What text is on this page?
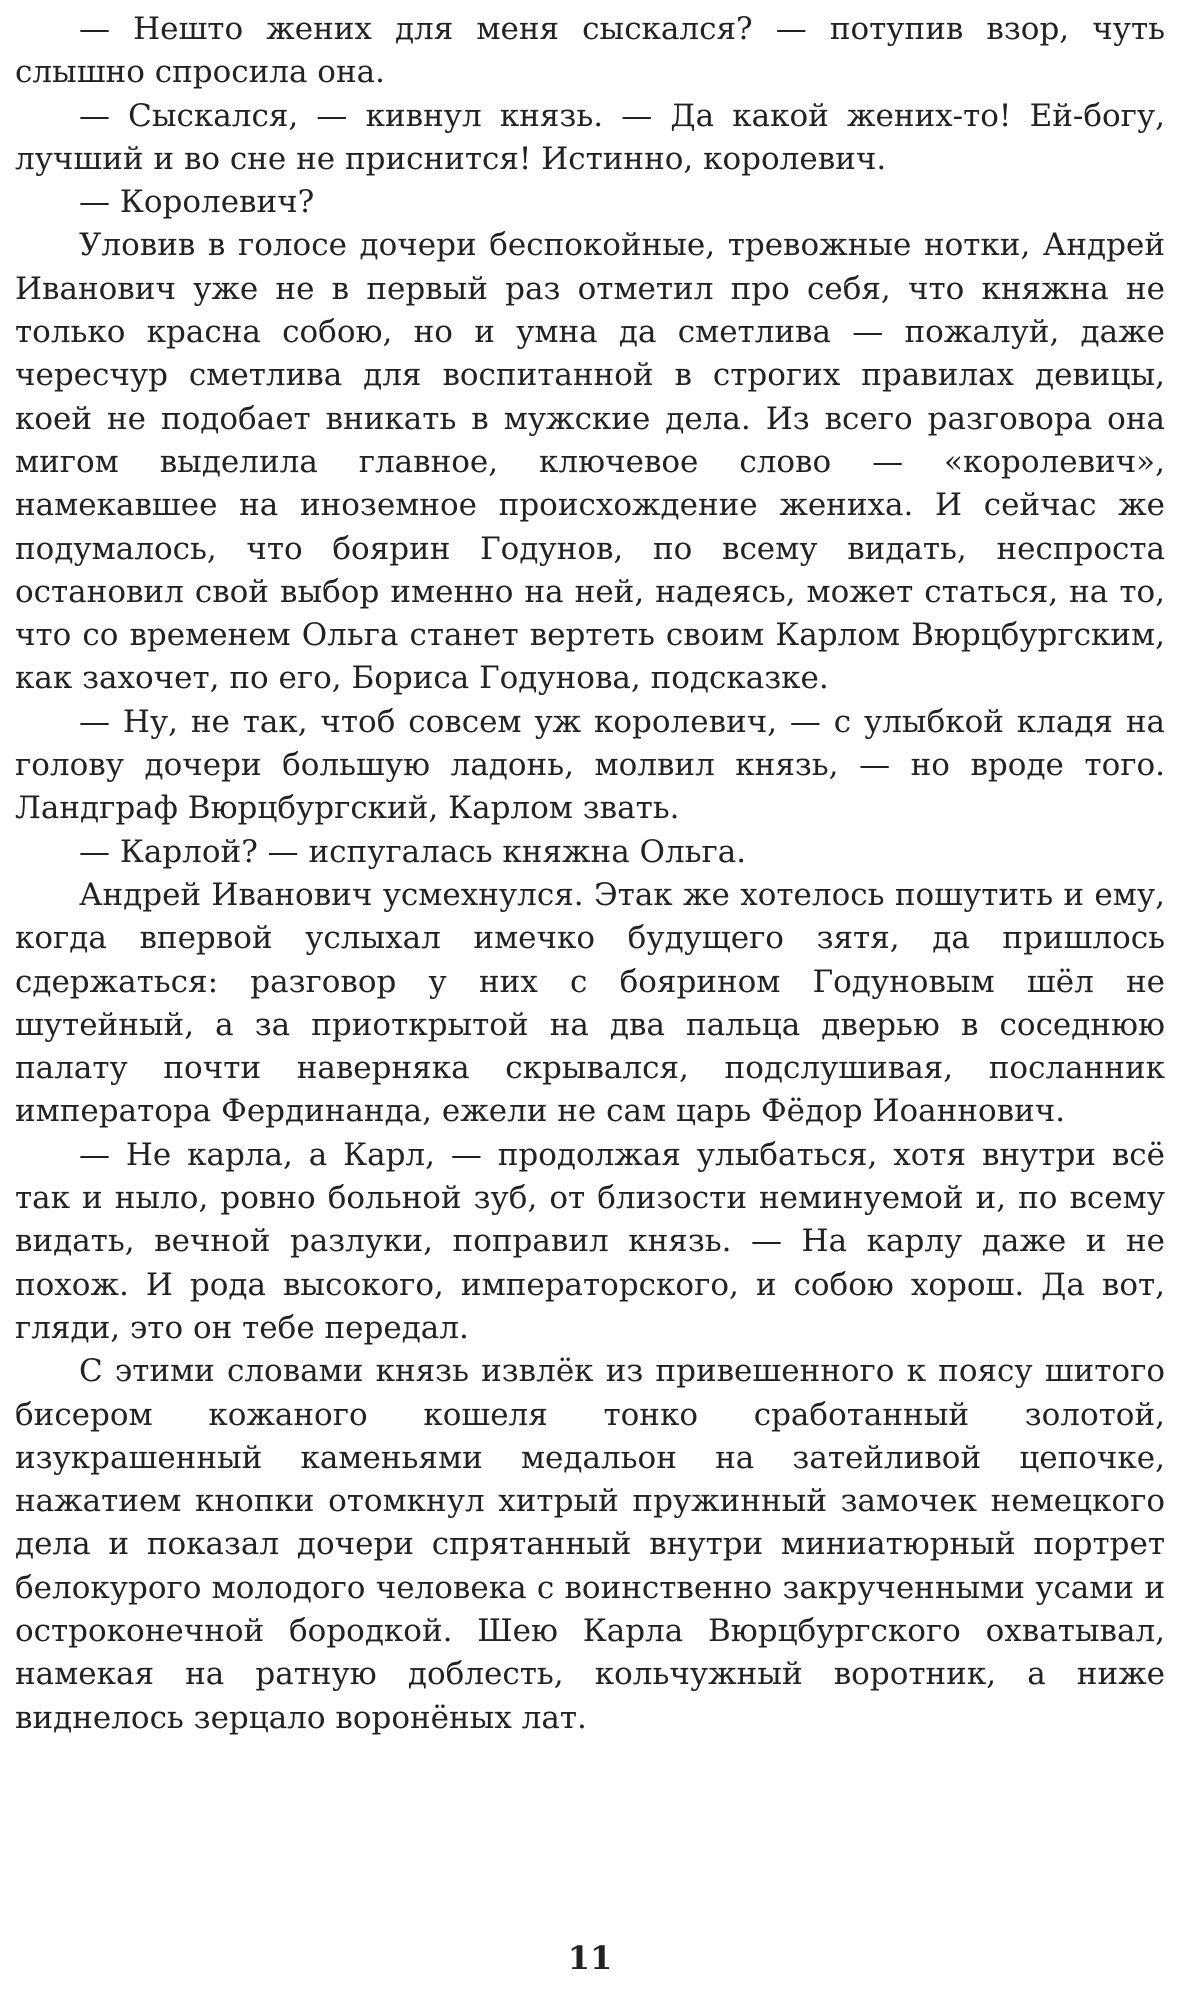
— Нешто жених для меня сыскался? — потупив взор, чуть слышно спросила она.

— Сыскался, — кивнул князь. — Да какой жених-то! Ей-богу, лучший и во сне не приснится! Истинно, королевич.

— Королевич?

Уловив в голосе дочери беспокойные, тревожные нотки, Андрей Иванович уже не в первый раз отметил про себя, что княжна не только красна собою, но и умна да сметлива — пожалуй, даже чересчур сметлива для воспитанной в строгих правилах девицы, коей не подобает вникать в мужские дела. Из всего разговора она мигом выделила главное, ключевое слово — «королевич», намекавшее на иноземное происхождение жениха. И сейчас же подумалось, что боярин Годунов, по всему видать, неспроста остановил свой выбор именно на ней, надеясь, может статься, на то, что со временем Ольга станет вертеть своим Карлом Вюрцбургским, как захочет, по его, Бориса Годунова, подсказке.

— Ну, не так, чтоб совсем уж королевич, — с улыбкой кладя на голову дочери большую ладонь, молвил князь, — но вроде того. Ландграф Вюрцбургский, Карлом звать.

— Карлой? — испугалась княжна Ольга.

Андрей Иванович усмехнулся. Этак же хотелось пошутить и ему, когда впервой услыхал имечко будущего зятя, да пришлось сдержаться: разговор у них с боярином Годуновым шёл не шутейный, а за приоткрытой на два пальца дверью в соседнюю палату почти наверняка скрывался, подслушивая, посланник императора Фердинанда, ежели не сам царь Фёдор Иоаннович.

— Не карла, а Карл, — продолжая улыбаться, хотя внутри всё так и ныло, ровно больной зуб, от близости неминуемой и, по всему видать, вечной разлуки, поправил князь. — На карлу даже и не похож. И рода высокого, императорского, и собою хорош. Да вот, гляди, это он тебе передал.

С этими словами князь извлёк из привешенного к поясу шитого бисером кожаного кошеля тонко сработанный золотой, изукрашенный каменьями медальон на затейливой цепочке, нажатием кнопки отомкнул хитрый пружинный замочек немецкого дела и показал дочери спрятанный внутри миниатюрный портрет белокурого молодого человека с воинственно закрученными усами и остроконечной бородкой. Шею Карла Вюрцбургского охватывал, намекая на ратную доблесть, кольчужный воротник, а ниже виднелось зерцало воронёных лат.

11
